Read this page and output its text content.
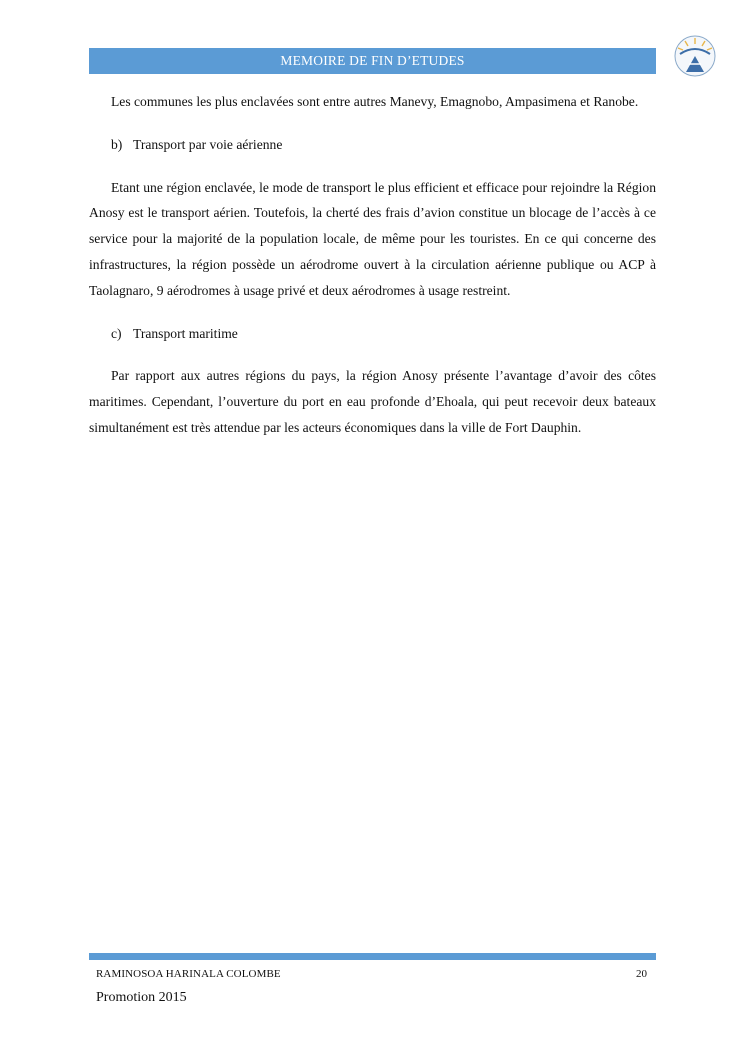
MEMOIRE DE FIN D’ETUDES

Les communes les plus enclavées sont entre autres Manevy, Emagnobo, Ampasimena et Ranobe.

b) Transport par voie aérienne

Etant une région enclavée, le mode de transport le plus efficient et efficace pour rejoindre la Région Anosy est le transport aérien. Toutefois, la cherté des frais d’avion constitue un blocage de l’accès à ce service pour la majorité de la population locale, de même pour les touristes. En ce qui concerne des infrastructures, la région possède un aérodrome ouvert à la circulation aérienne publique ou ACP à Taolagnaro, 9 aérodromes à usage privé et deux aérodromes à usage restreint.

c) Transport maritime

Par rapport aux autres régions du pays, la région Anosy présente l’avantage d’avoir des côtes maritimes. Cependant, l’ouverture du port en eau profonde d’Ehoala, qui peut recevoir deux bateaux simultanément est très attendue par les acteurs économiques dans la ville de Fort Dauphin.

RAMINOSOA HARINALA COLOMBE	20
Promotion 2015
